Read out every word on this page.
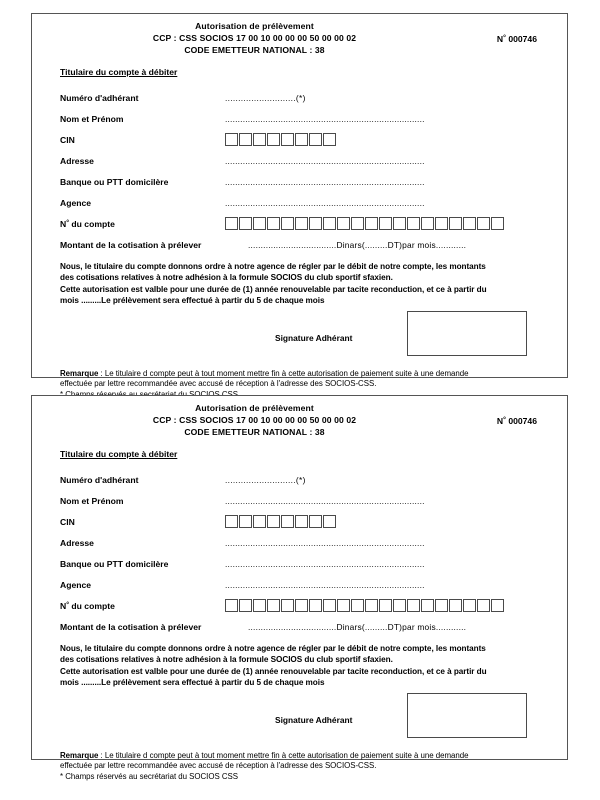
Autorisation de prélèvement
CCP : CSS SOCIOS 17 00 10 00 00 00 50 00 00 02
CODE EMETTEUR NATIONAL : 38
N° 000746
Titulaire du compte à débiter
Numéro d'adhérant	...........................(*)
Nom et Prénom	...............................................................................
CIN
Adresse	...............................................................................
Banque ou PTT domicilère	...............................................................................
Agence	...............................................................................
N° du compte
Montant de la cotisation à prélever	...................................Dinars(.........DT)par mois............
Nous, le titulaire du compte donnons ordre à notre agence de régler par le débit de notre compte, les montants
des cotisations relatives à notre adhésion à la formule SOCIOS du club sportif sfaxien.
Cette autorisation est valble pour une durée de (1) année renouvelable par tacite reconduction, et ce à partir du
mois .........Le prélèvement sera effectué à partir du 5 de chaque mois
Signature Adhérant
Remarque : Le titulaire d compte peut à tout moment mettre fin à cette autorisation de paiement suite à une demande
effectuée par lettre recommandée avec accusé de réception à l'adresse des SOCIOS-CSS.
Autorisation de prélèvement
CCP : CSS SOCIOS 17 00 10 00 00 00 50 00 00 02
CODE EMETTEUR NATIONAL : 38
N° 000746
Titulaire du compte à débiter
Numéro d'adhérant	...........................(*)
Nom et Prénom	...............................................................................
CIN
Adresse	...............................................................................
Banque ou PTT domicilère	...............................................................................
Agence	...............................................................................
N° du compte
Montant de la cotisation à prélever	...................................Dinars(.........DT)par mois............
Nous, le titulaire du compte donnons ordre à notre agence de régler par le débit de notre compte, les montants
des cotisations relatives à notre adhésion à la formule SOCIOS du club sportif sfaxien.
Cette autorisation est valble pour une durée de (1) année renouvelable par tacite reconduction, et ce à partir du
mois .........Le prélèvement sera effectué à partir du 5 de chaque mois
Signature Adhérant
Remarque : Le titulaire d compte peut à tout moment mettre fin à cette autorisation de paiement suite à une demande
effectuée par lettre recommandée avec accusé de réception à l'adresse des SOCIOS-CSS.
* Champs réservés au secrétariat du SOCIOS CSS
